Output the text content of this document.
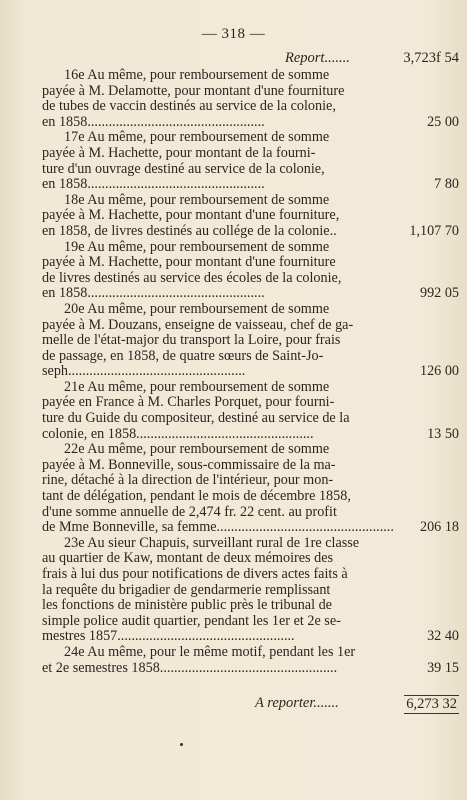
— 318 —
Report.......	3,723f 54
16e Au même, pour remboursement de somme
payée à M. Delamotte, pour montant d'une fourniture
de tubes de vaccin destinés au service de la colonie,
en 1858..................................................	25 00
17e Au même, pour remboursement de somme
payée à M. Hachette, pour montant de la fourni-
ture d'un ouvrage destiné au service de la colonie,
en 1858..................................................	7 80
18e Au même, pour remboursement de somme
payée à M. Hachette, pour montant d'une fourniture,
en 1858, de livres destinés au collége de la colonie..	1,107 70
19e Au même, pour remboursement de somme
payée à M. Hachette, pour montant d'une fourniture
de livres destinés au service des écoles de la colonie,
en 1858..................................................	992 05
20e Au même, pour remboursement de somme
payée à M. Douzans, enseigne de vaisseau, chef de ga-
melle de l'état-major du transport la Loire, pour frais
de passage, en 1858, de quatre sœurs de Saint-Jo-
seph..................................................	126 00
21e Au même, pour remboursement de somme
payée en France à M. Charles Porquet, pour fourni-
ture du Guide du compositeur, destiné au service de la
colonie, en 1858..................................................	13 50
22e Au même, pour remboursement de somme
payée à M. Bonneville, sous-commissaire de la ma-
rine, détaché à la direction de l'intérieur, pour mon-
tant de délégation, pendant le mois de décembre 1858,
d'une somme annuelle de 2,474 fr. 22 cent. au profit
de Mme Bonneville, sa femme.................................................. 206 18
23e Au sieur Chapuis, surveillant rural de 1re classe
au quartier de Kaw, montant de deux mémoires des
frais à lui dus pour notifications de divers actes faits à
la requête du brigadier de gendarmerie remplissant
les fonctions de ministère public près le tribunal de
simple police audit quartier, pendant les 1er et 2e se-
mestres 1857..................................................	32 40
24e Au même, pour le même motif, pendant les 1er
et 2e semestres 1858..................................................	39 15
A reporter.......	6,273 32
